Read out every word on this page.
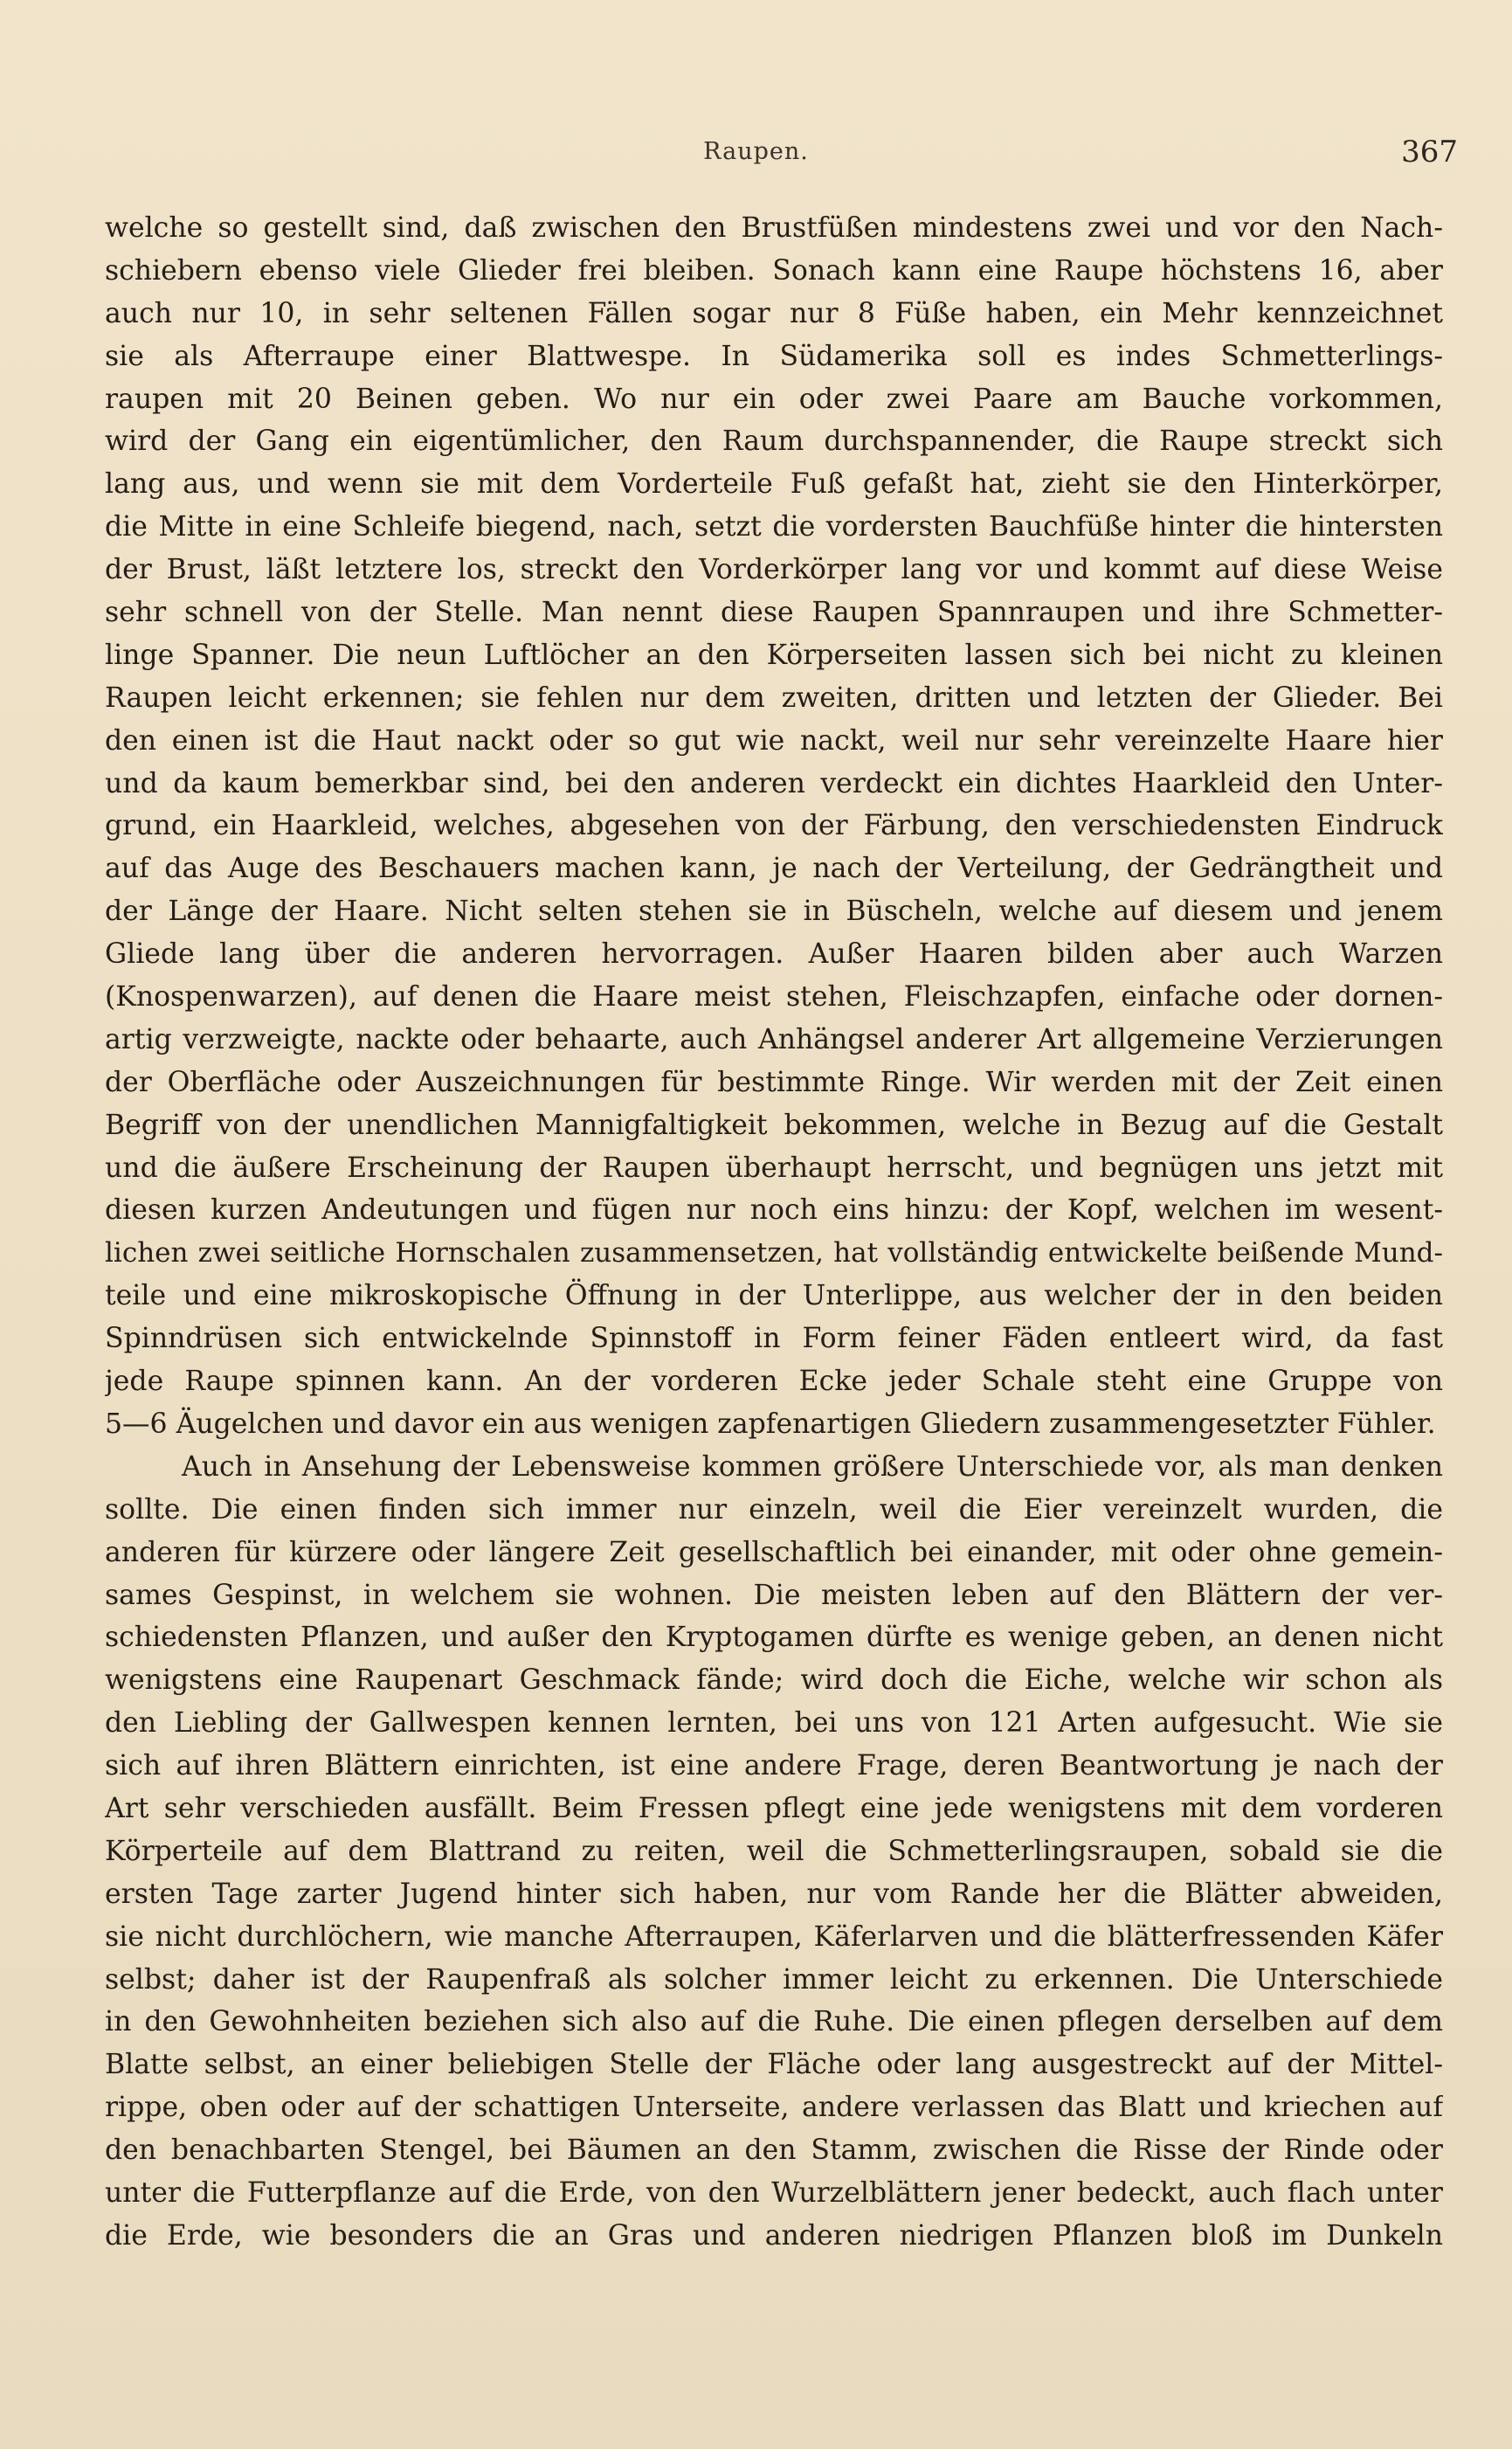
Raupen.	367
welche so gestellt sind, daß zwischen den Brustfüßen mindestens zwei und vor den Nach-
schiebern ebenso viele Glieder frei bleiben. Sonach kann eine Raupe höchstens 16, aber
auch nur 10, in sehr seltenen Fällen sogar nur 8 Füße haben, ein Mehr kennzeichnet
sie als Afterraupe einer Blattwespe. In Südamerika soll es indes Schmetterlings-
raupen mit 20 Beinen geben. Wo nur ein oder zwei Paare am Bauche vorkommen,
wird der Gang ein eigentümlicher, den Raum durchspannender, die Raupe streckt sich
lang aus, und wenn sie mit dem Vorderteile Fuß gefaßt hat, zieht sie den Hinterkörper,
die Mitte in eine Schleife biegend, nach, setzt die vordersten Bauchfüße hinter die hintersten
der Brust, läßt letztere los, streckt den Vorderkörper lang vor und kommt auf diese Weise
sehr schnell von der Stelle. Man nennt diese Raupen Spannraupen und ihre Schmetter-
linge Spanner. Die neun Luftlöcher an den Körperseiten lassen sich bei nicht zu kleinen
Raupen leicht erkennen; sie fehlen nur dem zweiten, dritten und letzten der Glieder. Bei
den einen ist die Haut nackt oder so gut wie nackt, weil nur sehr vereinzelte Haare hier
und da kaum bemerkbar sind, bei den anderen verdeckt ein dichtes Haarkleid den Unter-
grund, ein Haarkleid, welches, abgesehen von der Färbung, den verschiedensten Eindruck
auf das Auge des Beschauers machen kann, je nach der Verteilung, der Gedrängtheit und
der Länge der Haare. Nicht selten stehen sie in Büscheln, welche auf diesem und jenem
Gliede lang über die anderen hervorragen. Außer Haaren bilden aber auch Warzen
(Knospenwarzen), auf denen die Haare meist stehen, Fleischzapfen, einfache oder dornen-
artig verzweigte, nackte oder behaarte, auch Anhängsel anderer Art allgemeine Verzierungen
der Oberfläche oder Auszeichnungen für bestimmte Ringe. Wir werden mit der Zeit einen
Begriff von der unendlichen Mannigfaltigkeit bekommen, welche in Bezug auf die Gestalt
und die äußere Erscheinung der Raupen überhaupt herrscht, und begnügen uns jetzt mit
diesen kurzen Andeutungen und fügen nur noch eins hinzu: der Kopf, welchen im wesent-
lichen zwei seitliche Hornschalen zusammensetzen, hat vollständig entwickelte beißende Mund-
teile und eine mikroskopische Öffnung in der Unterlippe, aus welcher der in den beiden
Spinndrüsen sich entwickelnde Spinnstoff in Form feiner Fäden entleert wird, da fast
jede Raupe spinnen kann. An der vorderen Ecke jeder Schale steht eine Gruppe von
5—6 Äugelchen und davor ein aus wenigen zapfenartigen Gliedern zusammengesetzter Fühler.
Auch in Ansehung der Lebensweise kommen größere Unterschiede vor, als man denken
sollte. Die einen finden sich immer nur einzeln, weil die Eier vereinzelt wurden, die
anderen für kürzere oder längere Zeit gesellschaftlich bei einander, mit oder ohne gemein-
sames Gespinst, in welchem sie wohnen. Die meisten leben auf den Blättern der ver-
schiedensten Pflanzen, und außer den Kryptogamen dürfte es wenige geben, an denen nicht
wenigstens eine Raupenart Geschmack fände; wird doch die Eiche, welche wir schon als
den Liebling der Gallwespen kennen lernten, bei uns von 121 Arten aufgesucht. Wie sie
sich auf ihren Blättern einrichten, ist eine andere Frage, deren Beantwortung je nach der
Art sehr verschieden ausfällt. Beim Fressen pflegt eine jede wenigstens mit dem vorderen
Körperteile auf dem Blattrand zu reiten, weil die Schmetterlingsraupen, sobald sie die
ersten Tage zarter Jugend hinter sich haben, nur vom Rande her die Blätter abweiden,
sie nicht durchlöchern, wie manche Afterraupen, Käferlarven und die blätterfressenden Käfer
selbst; daher ist der Raupenfraß als solcher immer leicht zu erkennen. Die Unterschiede
in den Gewohnheiten beziehen sich also auf die Ruhe. Die einen pflegen derselben auf dem
Blatte selbst, an einer beliebigen Stelle der Fläche oder lang ausgestreckt auf der Mittel-
rippe, oben oder auf der schattigen Unterseite, andere verlassen das Blatt und kriechen auf
den benachbarten Stengel, bei Bäumen an den Stamm, zwischen die Risse der Rinde oder
unter die Futterpflanze auf die Erde, von den Wurzelblättern jener bedeckt, auch flach unter
die Erde, wie besonders die an Gras und anderen niedrigen Pflanzen bloß im Dunkeln
